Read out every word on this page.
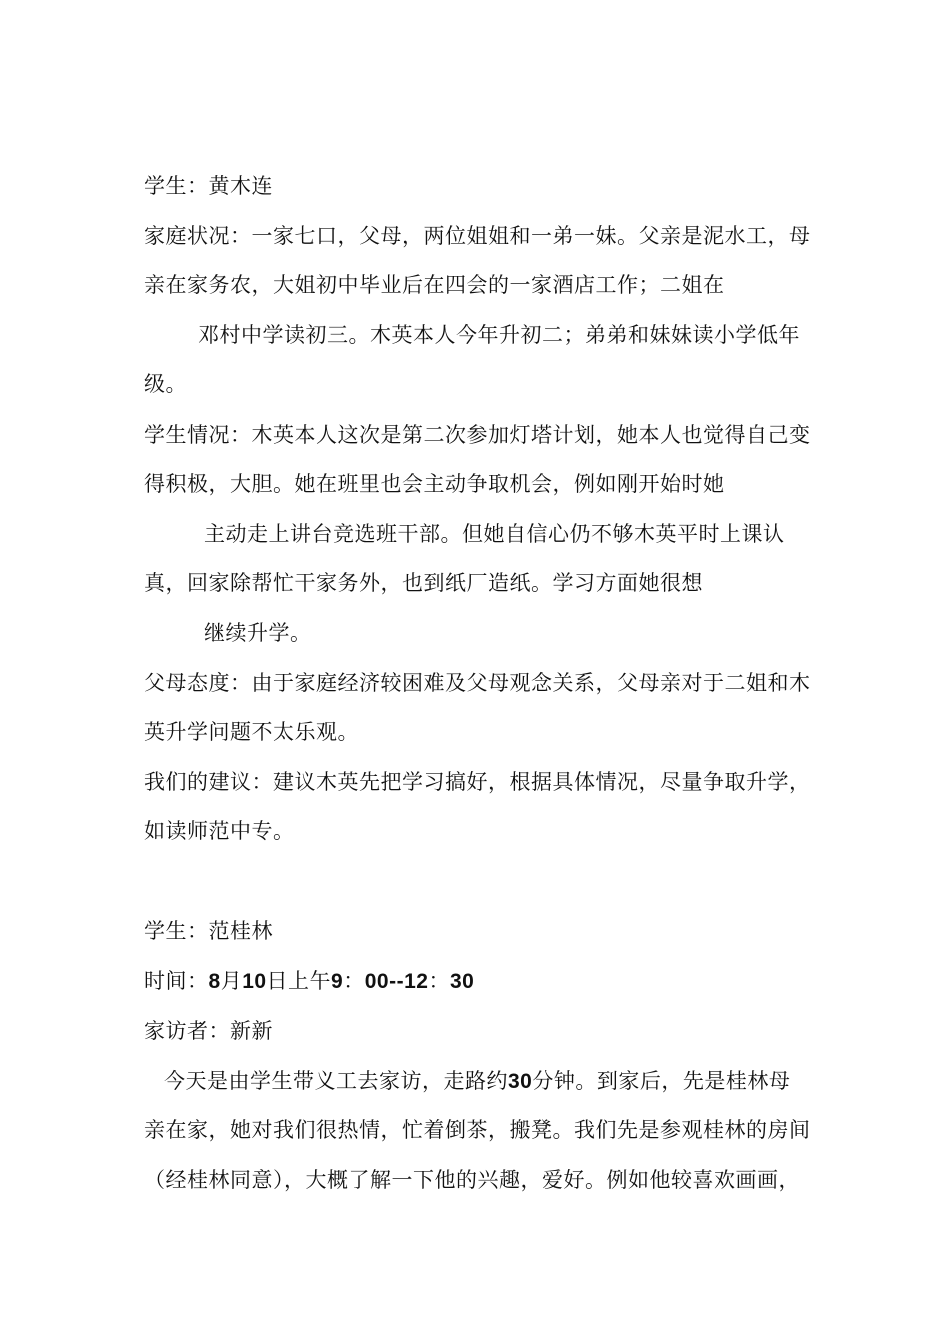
学生：黄木连
家庭状况：一家七口，父母，两位姐姐和一弟一妹。父亲是泥水工，母
亲在家务农，大姐初中毕业后在四会的一家酒店工作；二姐在
邓村中学读初三。木英本人今年升初二；弟弟和妹妹读小学低年
级。
学生情况：木英本人这次是第二次参加灯塔计划，她本人也觉得自己变
得积极，大胆。她在班里也会主动争取机会，例如刚开始时她
主动走上讲台竞选班干部。但她自信心仍不够木英平时上课认
真，回家除帮忙干家务外，也到纸厂造纸。学习方面她很想
继续升学。
父母态度：由于家庭经济较困难及父母观念关系，父母亲对于二姐和木
英升学问题不太乐观。
我们的建议：建议木英先把学习搞好，根据具体情况，尽量争取升学，
如读师范中专。
学生：范桂林
时间：8月10日上午9：00--12：30
家访者：新新
今天是由学生带义工去家访，走路约30分钟。到家后，先是桂林母
亲在家，她对我们很热情，忙着倒茶，搬凳。我们先是参观桂林的房间
（经桂林同意），大概了解一下他的兴趣，爱好。例如他较喜欢画画，
